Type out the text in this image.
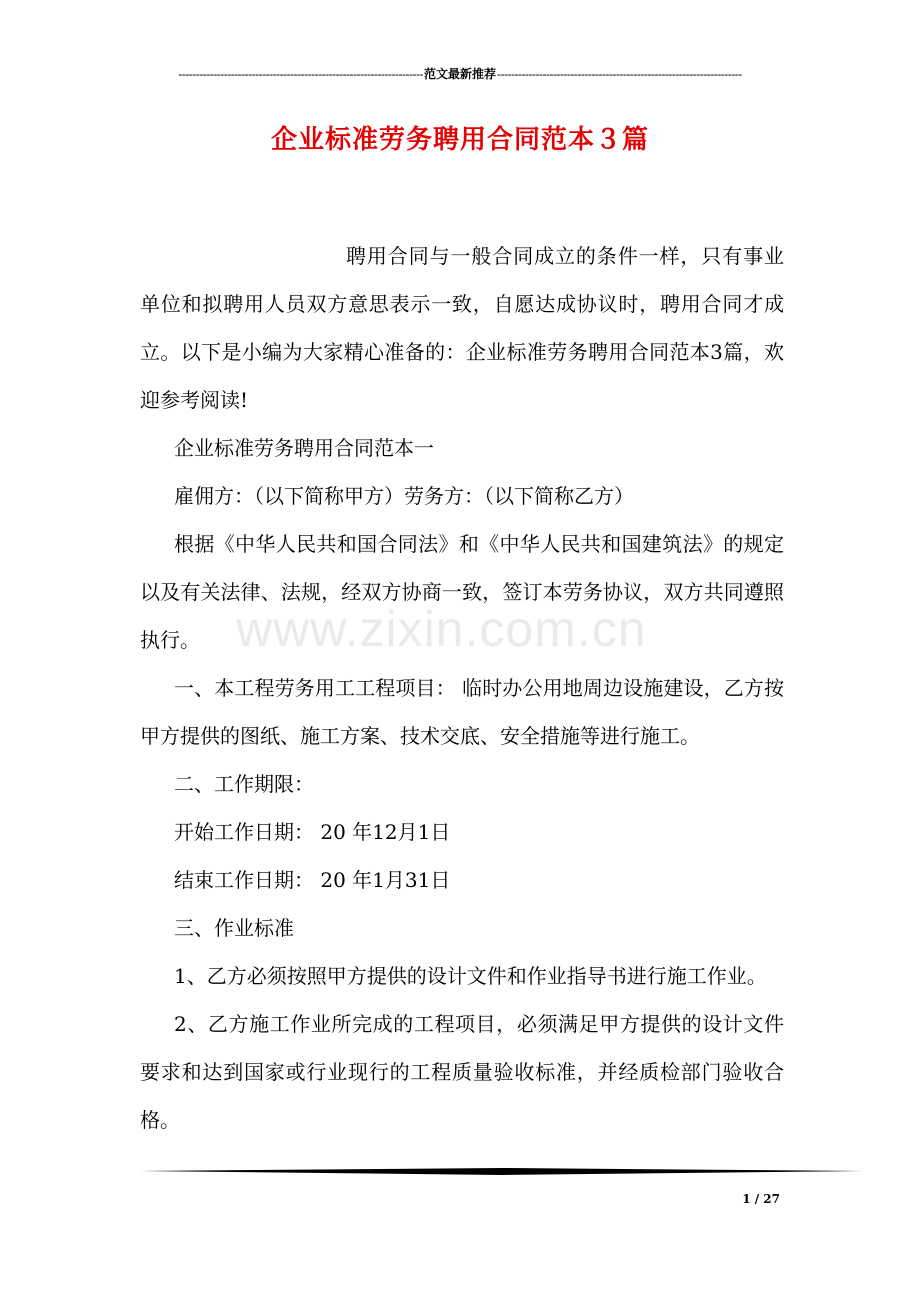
----------------------------------------------------------------------范文最新推荐----------------------------------------------------------------------
企业标准劳务聘用合同范本３篇
www.zixin.com.cn

聘用合同与一般合同成立的条件一样，只有事业单位和拟聘用人员双方意思表示一致，自愿达成协议时，聘用合同才成立。以下是小编为大家精心准备的：企业标准劳务聘用合同范本3篇，欢迎参考阅读!

企业标准劳务聘用合同范本一

雇佣方：（以下简称甲方）劳务方：（以下简称乙方）

根据《中华人民共和国合同法》和《中华人民共和国建筑法》的规定以及有关法律、法规，经双方协商一致，签订本劳务协议，双方共同遵照执行。

一、本工程劳务用工工程项目： 临时办公用地周边设施建设，乙方按甲方提供的图纸、施工方案、技术交底、安全措施等进行施工。

二、工作期限：

开始工作日期： 20 年12月1日

结束工作日期： 20 年1月31日

三、作业标准

1、乙方必须按照甲方提供的设计文件和作业指导书进行施工作业。

2、乙方施工作业所完成的工程项目，必须满足甲方提供的设计文件要求和达到国家或行业现行的工程质量验收标准，并经质检部门验收合格。

1 / 27
